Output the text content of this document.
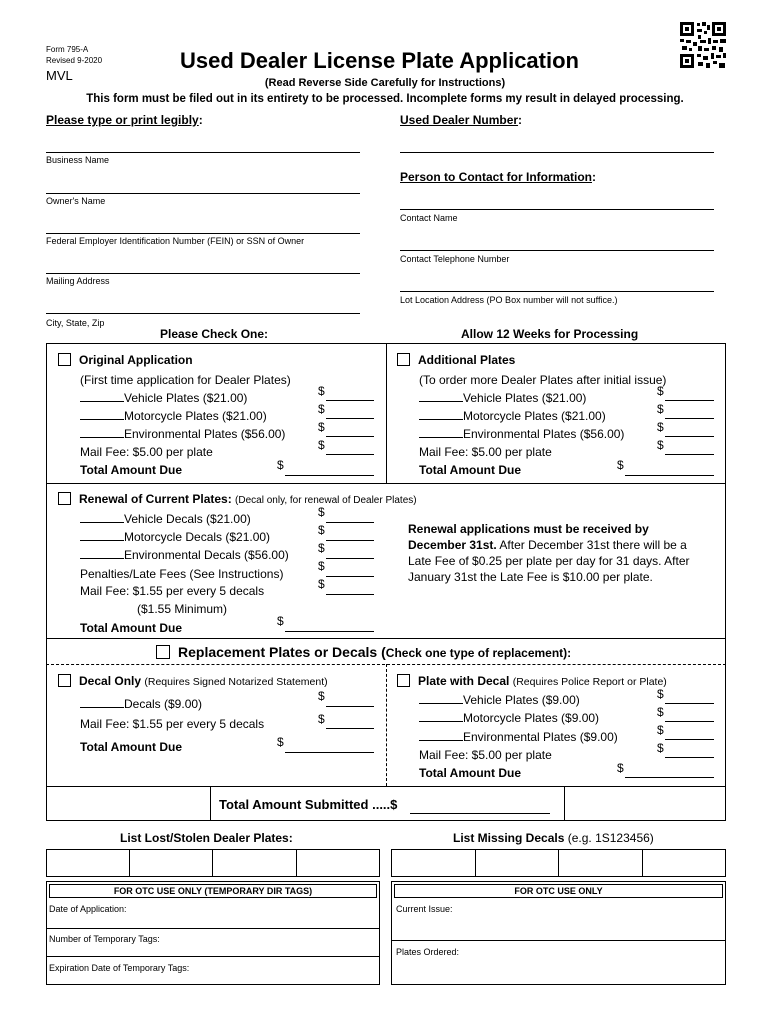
Form 795-A
Revised 9-2020
MVL
Used Dealer License Plate Application
(Read Reverse Side Carefully for Instructions)
This form must be filed out in its entirety to be processed. Incomplete forms my result in delayed processing.
Please type or print legibly:
Business Name
Owner's Name
Federal Employer Identification Number (FEIN) or SSN of Owner
Mailing Address
City, State, Zip
Used Dealer Number:
Person to Contact for Information:
Contact Name
Contact Telephone Number
Lot Location Address (PO Box number will not suffice.)
Please Check One:	Allow 12 Weeks for Processing
Original Application
(First time application for Dealer Plates)
Vehicle Plates ($21.00)
Motorcycle Plates ($21.00)
Environmental Plates ($56.00)
Mail Fee: $5.00 per plate
Total Amount Due
$
$
$
$
$
Additional Plates
(To order more Dealer Plates after initial issue)
Vehicle Plates ($21.00)
Motorcycle Plates ($21.00)
Environmental Plates ($56.00)
Mail Fee: $5.00 per plate
Total Amount Due
$
$
$
$
$
Renewal of Current Plates: (Decal only, for renewal of Dealer Plates)
Vehicle Decals ($21.00)
Motorcycle Decals ($21.00)
Environmental Decals ($56.00)
Penalties/Late Fees (See Instructions)
Mail Fee: $1.55 per every 5 decals
($1.55 Minimum)
Total Amount Due
$
$
$
$
$
$
Renewal applications must be received by December 31st. After December 31st there will be a Late Fee of $0.25 per plate per day for 31 days. After January 31st the Late Fee is $10.00 per plate.
Replacement Plates or Decals (Check one type of replacement):
Decal Only (Requires Signed Notarized Statement)
Decals ($9.00)
Mail Fee: $1.55 per every 5 decals
Total Amount Due
$
$
$
Plate with Decal (Requires Police Report or Plate)
Vehicle Plates ($9.00)
Motorcycle Plates ($9.00)
Environmental Plates ($9.00)
Mail Fee: $5.00 per plate
Total Amount Due
$
$
$
$
$
Total Amount Submitted .....$
List Lost/Stolen Dealer Plates:	List Missing Decals (e.g. 1S123456)
FOR OTC USE ONLY (TEMPORARY DIR TAGS)
Date of Application:
Number of Temporary Tags:
Expiration Date of Temporary Tags:
FOR OTC USE ONLY
Current Issue:
Plates Ordered:
